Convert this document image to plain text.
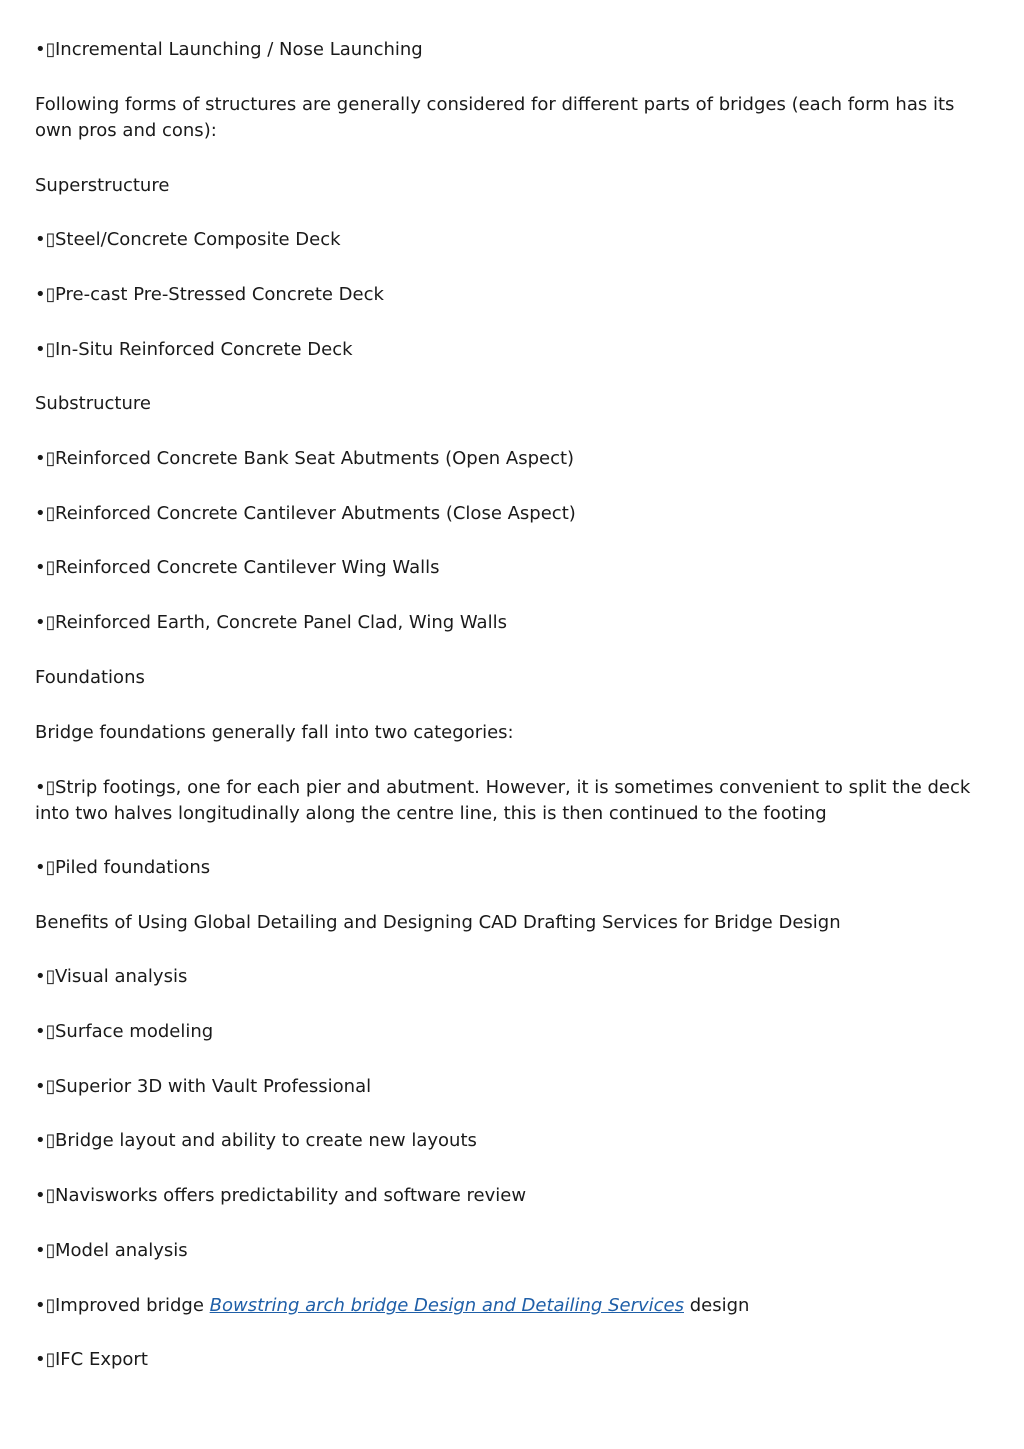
•▯Incremental Launching / Nose Launching
Following forms of structures are generally considered for different parts of bridges (each form has its own pros and cons):
Superstructure
•▯Steel/Concrete Composite Deck
•▯Pre-cast Pre-Stressed Concrete Deck
•▯In-Situ Reinforced Concrete Deck
Substructure
•▯Reinforced Concrete Bank Seat Abutments (Open Aspect)
•▯Reinforced Concrete Cantilever Abutments (Close Aspect)
•▯Reinforced Concrete Cantilever Wing Walls
•▯Reinforced Earth, Concrete Panel Clad, Wing Walls
Foundations
Bridge foundations generally fall into two categories:
•▯Strip footings, one for each pier and abutment. However, it is sometimes convenient to split the deck into two halves longitudinally along the centre line, this is then continued to the footing
•▯Piled foundations
Benefits of Using Global Detailing and Designing CAD Drafting Services for Bridge Design
•▯Visual analysis
•▯Surface modeling
•▯Superior 3D with Vault Professional
•▯Bridge layout and ability to create new layouts
•▯Navisworks offers predictability and software review
•▯Model analysis
•▯Improved bridge Bowstring arch bridge Design and Detailing Services design
•▯IFC Export
